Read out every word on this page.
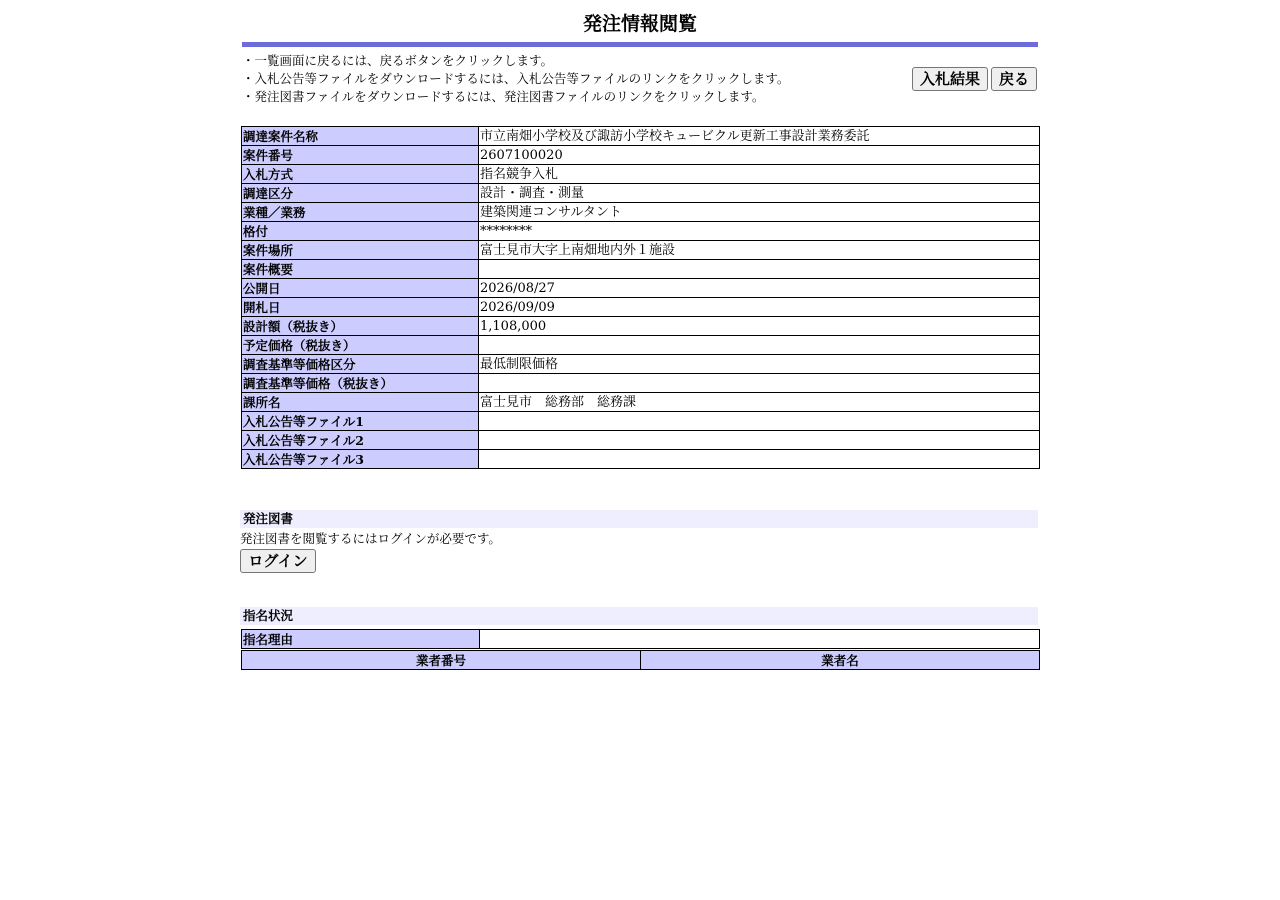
発注情報閲覧
・一覧画面に戻るには、戻るボタンをクリックします。
・入札公告等ファイルをダウンロードするには、入札公告等ファイルのリンクをクリックします。
・発注図書ファイルをダウンロードするには、発注図書ファイルのリンクをクリックします。
入札結果	戻る
調達案件名称	市立南畑小学校及び諏訪小学校キュービクル更新工事設計業務委託
案件番号	2607100020
入札方式	指名競争入札
調達区分	設計・調査・測量
業種／業務	建築関連コンサルタント
格付	********
案件場所	富士見市大字上南畑地内外１施設
案件概要	
公開日	2026/08/27
開札日	2026/09/09
設計額（税抜き）	1,108,000
予定価格（税抜き）	
調査基準等価格区分	最低制限価格
調査基準等価格（税抜き）	
課所名	富士見市　総務部　総務課
入札公告等ファイル1	
入札公告等ファイル2	
入札公告等ファイル3	
発注図書
発注図書を閲覧するにはログインが必要です。
ログイン
指名状況
指名理由	
業者番号	業者名
